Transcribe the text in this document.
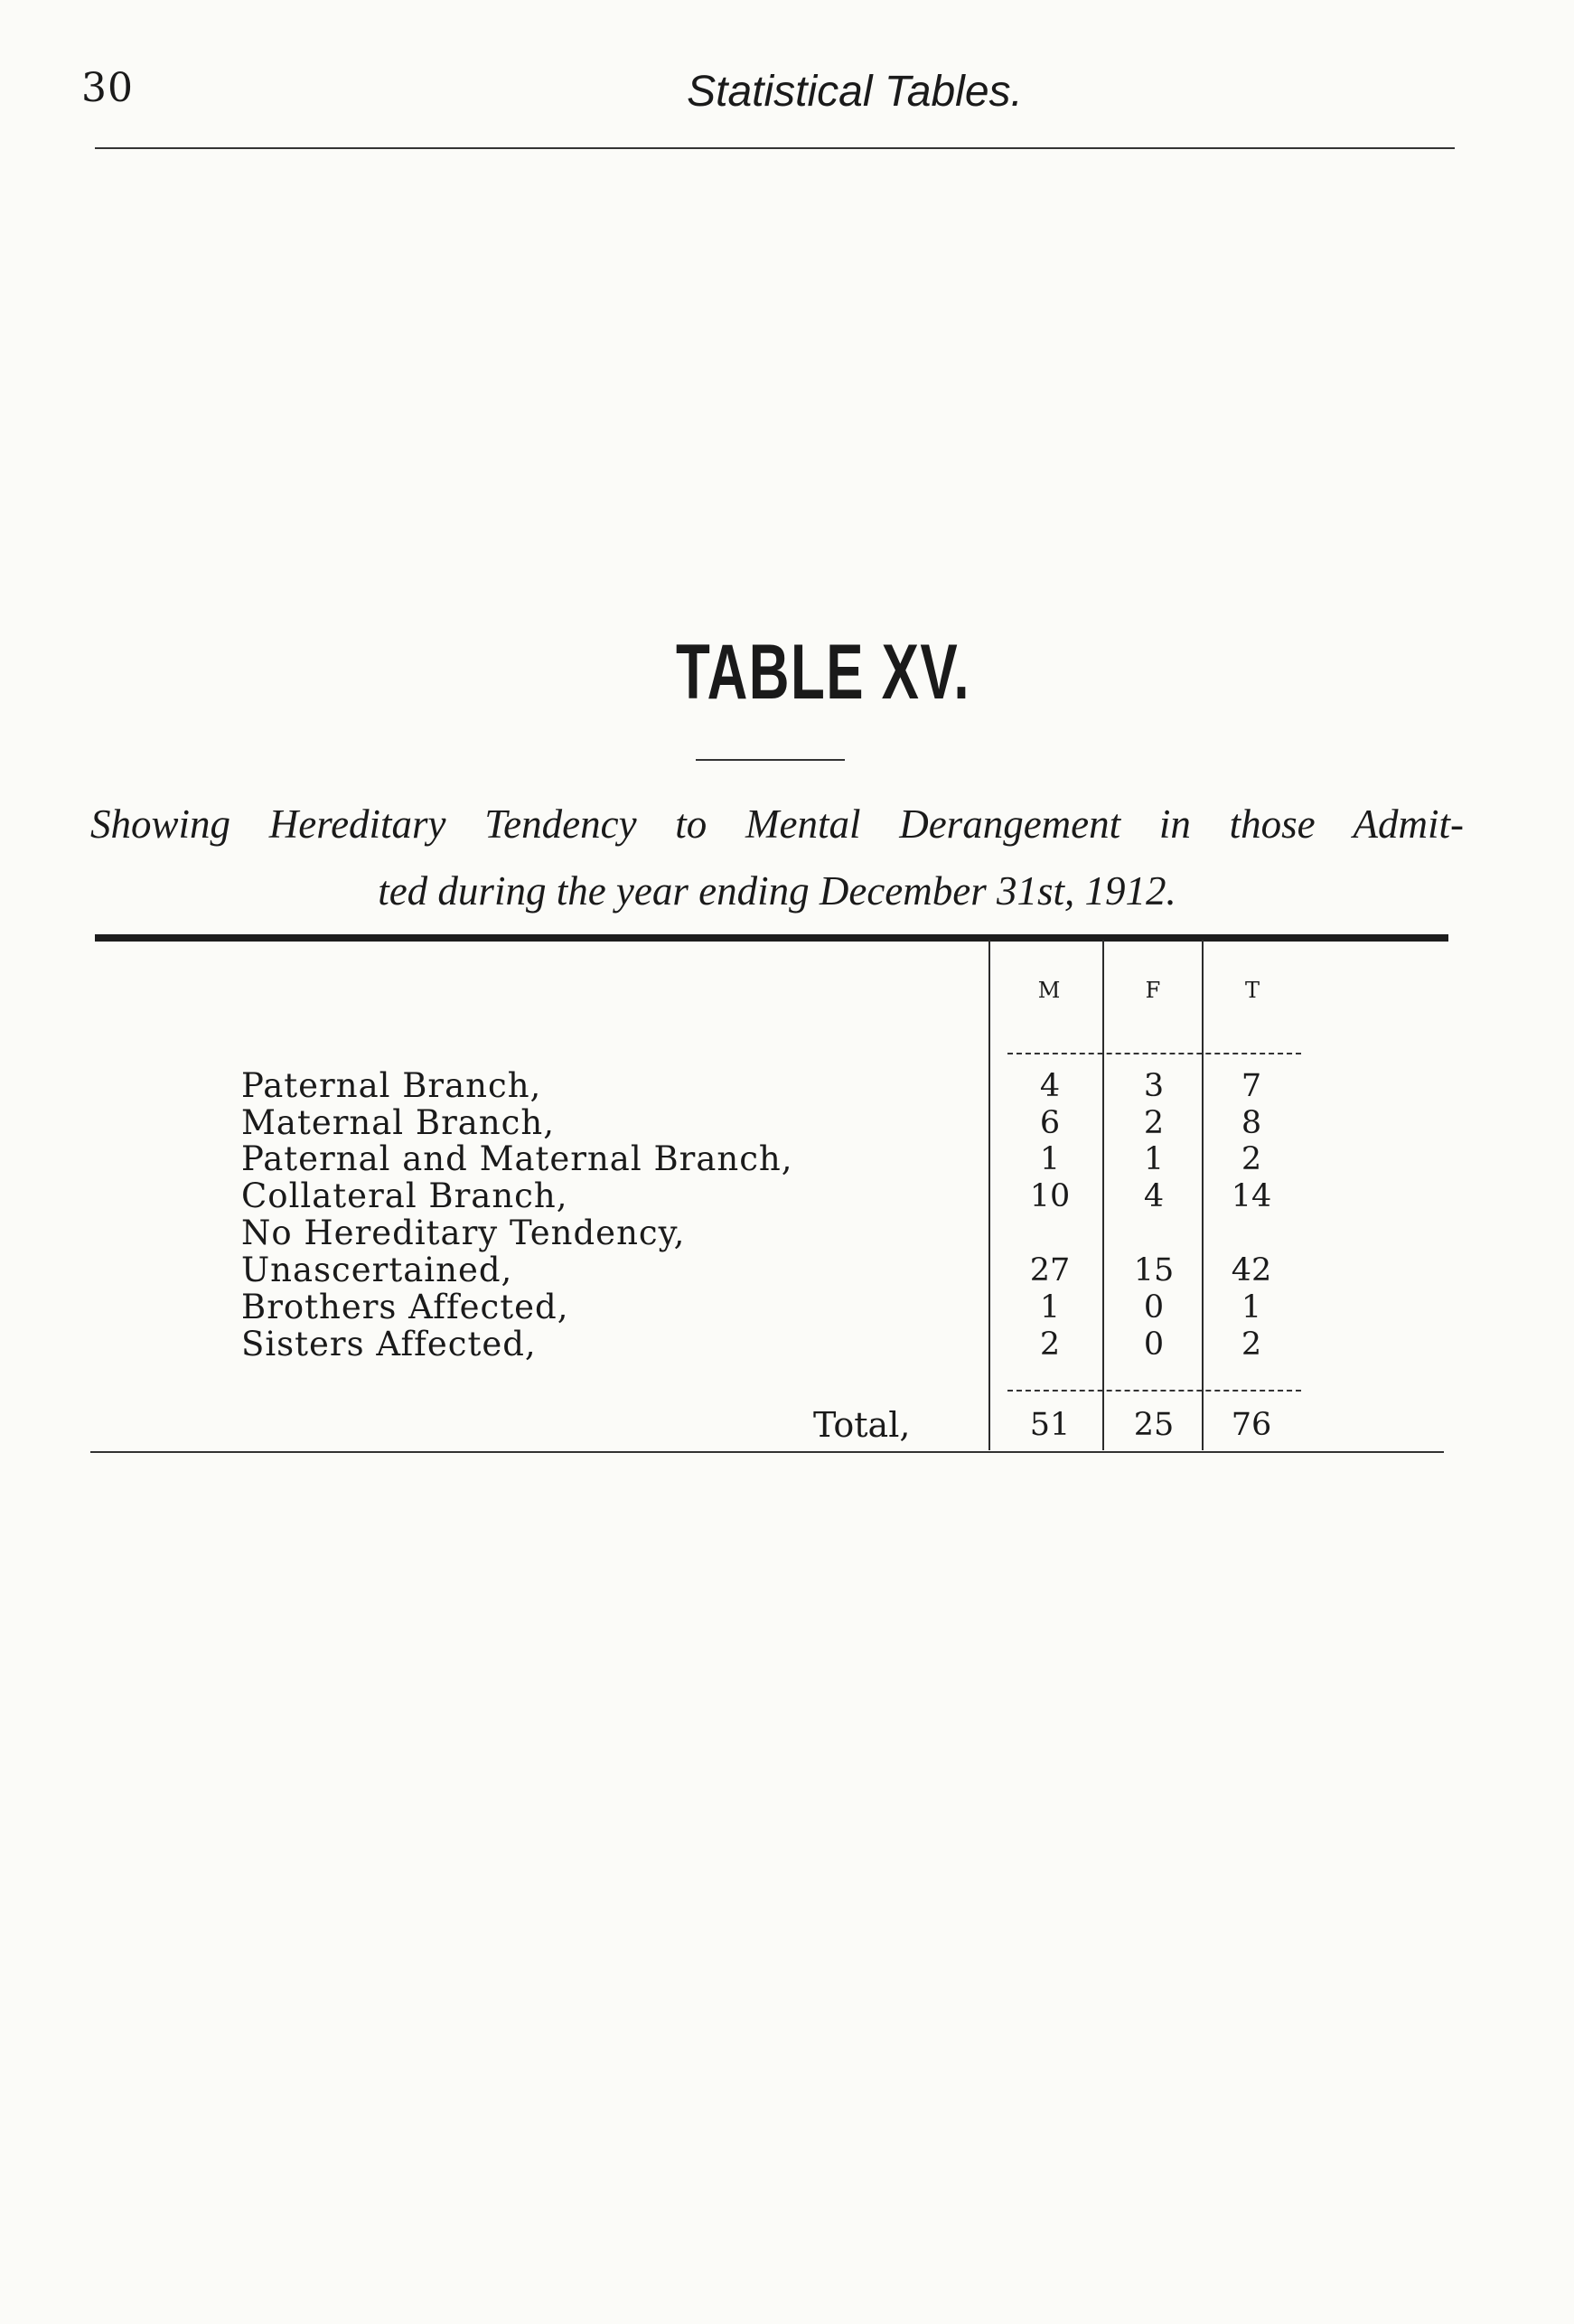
30	Statistical Tables.
TABLE XV.
Showing Hereditary Tendency to Mental Derangement in those Admit-
ted during the year ending December 31st, 1912.
M	F	T
Paternal Branch,	4	3	7
Maternal Branch,	6	2	8
Paternal and Maternal Branch,	1	1	2
Collateral Branch,	10	4	14
No Hereditary Tendency,
Unascertained,	27	15	42
Brothers Affected,	1	0	1
Sisters Affected,	2	0	2
Total,	51	25	76
